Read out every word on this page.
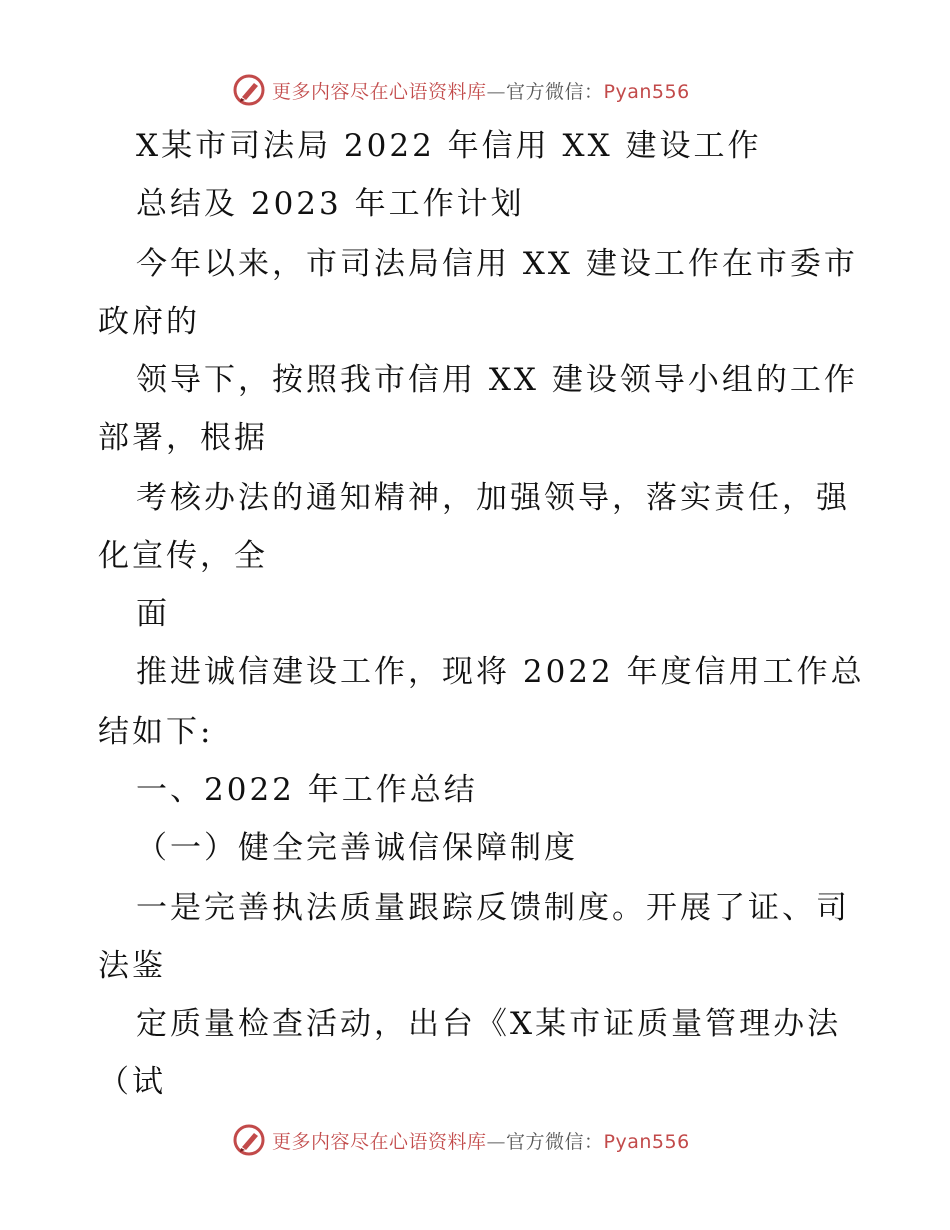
更多内容尽在心语资料库—官方微信：Pyan556
X某市司法局 2022 年信用 XX 建设工作
总结及 2023 年工作计划
今年以来，市司法局信用 XX 建设工作在市委市
政府的
领导下，按照我市信用 XX 建设领导小组的工作
部署，根据
考核办法的通知精神，加强领导，落实责任，强
化宣传，全
面
推进诚信建设工作，现将 2022 年度信用工作总
结如下:
一、2022 年工作总结
（一）健全完善诚信保障制度
一是完善执法质量跟踪反馈制度。开展了证、司
法鉴
定质量检查活动，出台《X某市证质量管理办法
（试
更多内容尽在心语资料库—官方微信：Pyan556
